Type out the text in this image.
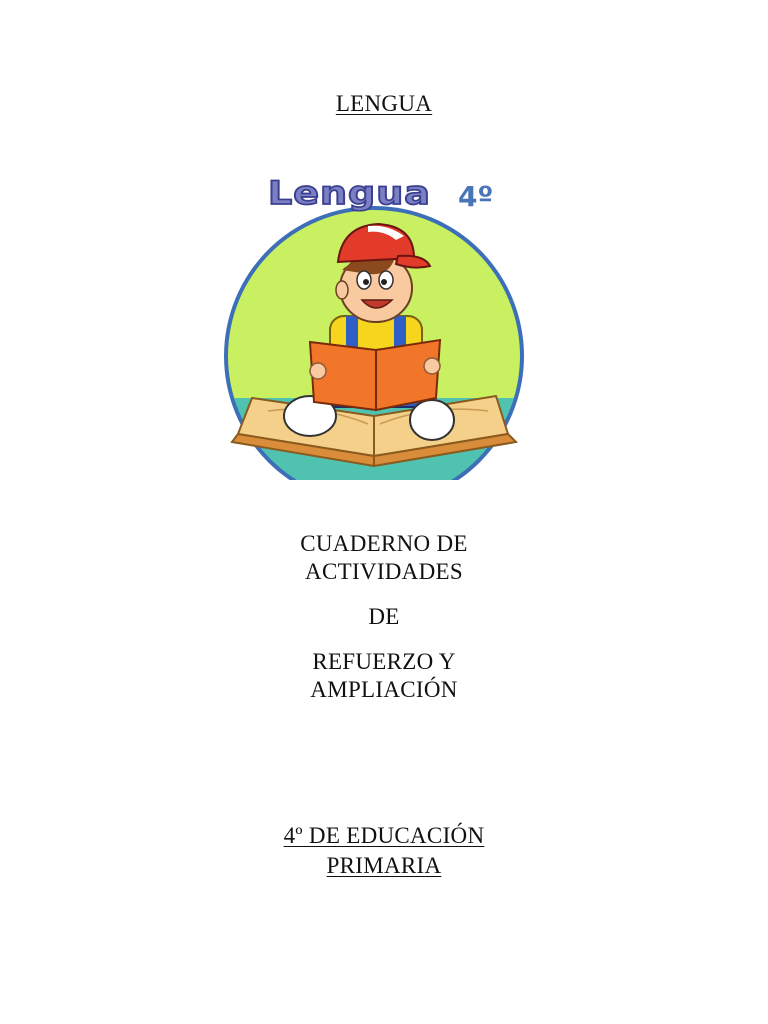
LENGUA
Lengua 4º
CUADERNO DE
ACTIVIDADES
DE
REFUERZO Y
AMPLIACIÓN
4º DE EDUCACIÓN
PRIMARIA
